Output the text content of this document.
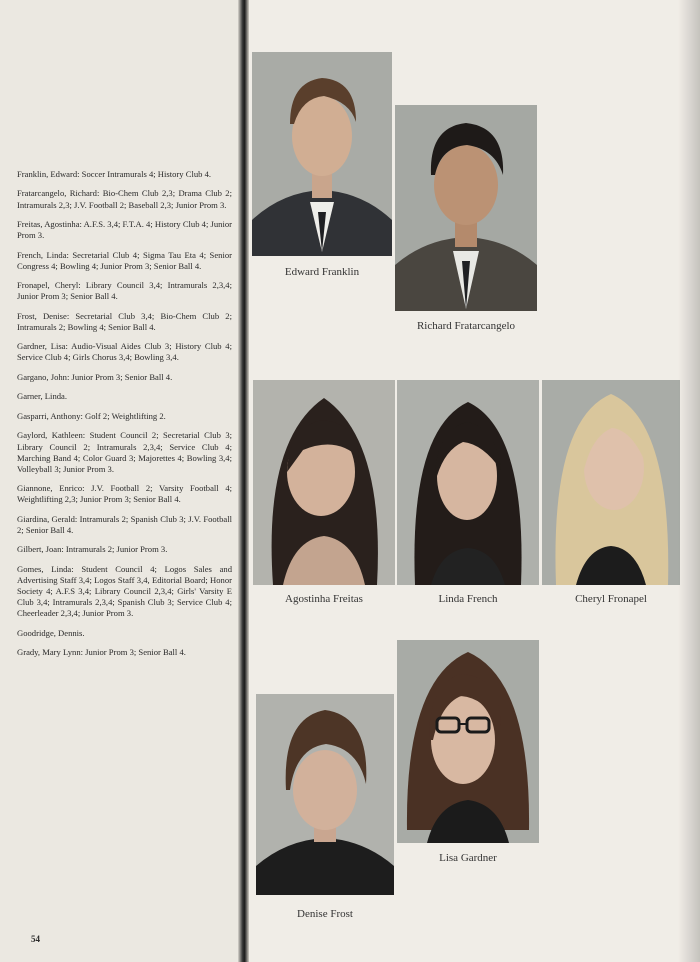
Franklin, Edward: Soccer Intramurals 4; History Club 4.

Fratarcangelo, Richard: Bio-Chem Club 2,3; Drama Club 2; Intramurals 2,3; J.V. Football 2; Baseball 2,3; Junior Prom 3.

Freitas, Agostinha: A.F.S. 3,4; F.T.A. 4; History Club 4; Junior Prom 3.

French, Linda: Secretarial Club 4; Sigma Tau Eta 4; Senior Congress 4; Bowling 4; Junior Prom 3; Senior Ball 4.

Fronapel, Cheryl: Library Council 3,4; Intramurals 2,3,4; Junior Prom 3; Senior Ball 4.

Frost, Denise: Secretarial Club 3,4; Bio-Chem Club 2; Intramurals 2; Bowling 4; Senior Ball 4.

Gardner, Lisa: Audio-Visual Aides Club 3; History Club 4; Service Club 4; Girls Chorus 3,4; Bowling 3,4.

Gargano, John: Junior Prom 3; Senior Ball 4.

Garner, Linda.

Gasparri, Anthony: Golf 2; Weightlifting 2.

Gaylord, Kathleen: Student Council 2; Secretarial Club 3; Library Council 2; Intramurals 2,3,4; Service Club 4; Marching Band 4; Color Guard 3; Majorettes 4; Bowling 3,4; Volleyball 3; Junior Prom 3.

Giannone, Enrico: J.V. Football 2; Varsity Football 4; Weightlifting 2,3; Junior Prom 3; Senior Ball 4.

Giardina, Gerald: Intramurals 2; Spanish Club 3; J.V. Football 2; Senior Ball 4.

Gilbert, Joan: Intramurals 2; Junior Prom 3.

Gomes, Linda: Student Council 4; Logos Sales and Advertising Staff 3,4; Logos Staff 3,4, Editorial Board; Honor Society 4; A.F.S 3,4; Library Council 2,3,4; Girls' Varsity E Club 3,4; Intramurals 2,3,4; Spanish Club 3; Service Club 4; Cheerleader 2,3,4; Junior Prom 3.

Goodridge, Dennis.

Grady, Mary Lynn: Junior Prom 3; Senior Ball 4.

54
Edward Franklin
Richard Fratarcangelo
Agostinha Freitas	Linda French	Cheryl Fronapel
Denise Frost
Lisa Gardner
